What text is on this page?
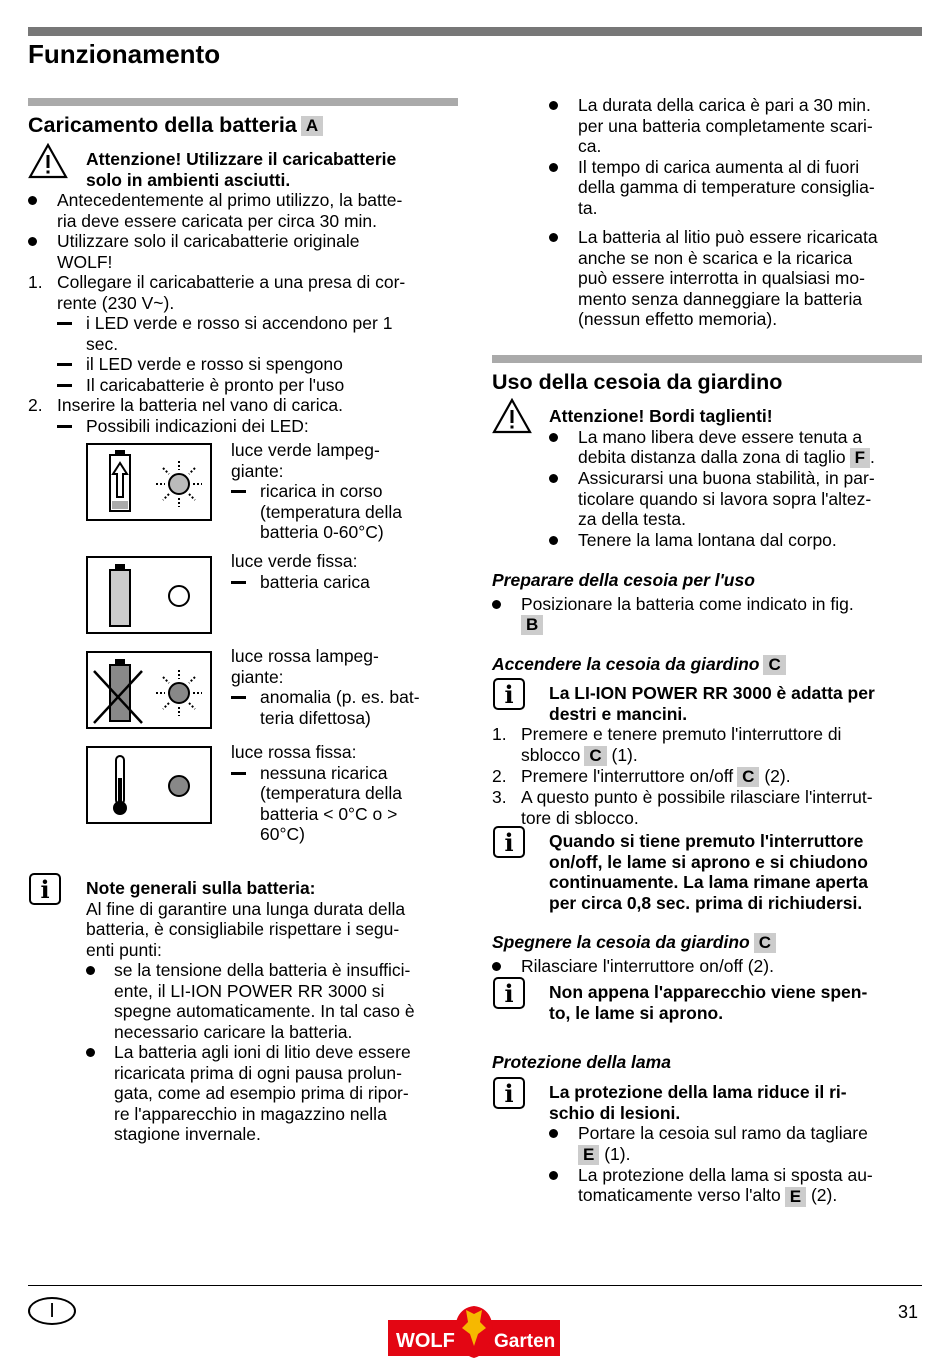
Funzionamento
Caricamento della batteria A
Attenzione! Utilizzare il caricabatterie
solo in ambienti asciutti.
Antecedentemente al primo utilizzo, la batte-
ria deve essere caricata per circa 30 min.
Utilizzare solo il caricabatterie originale
WOLF!
1. Collegare il caricabatterie a una presa di cor-
rente (230 V~).
i LED verde e rosso si accendono per 1
sec.
il LED verde e rosso si spengono
Il caricabatterie è pronto per l'uso
2. Inserire la batteria nel vano di carica.
Possibili indicazioni dei LED:
luce verde lampeg-
giante:
ricarica in corso
(temperatura della
batteria 0-60°C)
luce verde fissa:
batteria carica
luce rossa lampeg-
giante:
anomalia (p. es. bat-
teria difettosa)
luce rossa fissa:
nessuna ricarica
(temperatura della
batteria < 0°C o >
60°C)
i	Note generali sulla batteria:
Al fine di garantire una lunga durata della
batteria, è consigliabile rispettare i segu-
enti punti:
se la tensione della batteria è insuffici-
ente, il LI-ION POWER RR 3000 si
spegne automaticamente. In tal caso è
necessario caricare la batteria.
La batteria agli ioni di litio deve essere
ricaricata prima di ogni pausa prolun-
gata, come ad esempio prima di ripor-
re l'apparecchio in magazzino nella
stagione invernale.
La durata della carica è pari a 30 min.
per una batteria completamente scari-
ca.
Il tempo di carica aumenta al di fuori
della gamma di temperature consiglia-
ta.
La batteria al litio può essere ricaricata
anche se non è scarica e la ricarica
può essere interrotta in qualsiasi mo-
mento senza danneggiare la batteria
(nessun effetto memoria).
Uso della cesoia da giardino
Attenzione! Bordi taglienti!
La mano libera deve essere tenuta a
debita distanza dalla zona di taglio F .
Assicurarsi una buona stabilità, in par-
ticolare quando si lavora sopra l'altez-
za della testa.
Tenere la lama lontana dal corpo.
Preparare della cesoia per l'uso
Posizionare la batteria come indicato in fig.
B
Accendere la cesoia da giardino C
i	La LI-ION POWER RR 3000 è adatta per
destri e mancini.
1. Premere e tenere premuto l'interruttore di
sblocco C (1).
2. Premere l'interruttore on/off C (2).
3. A questo punto è possibile rilasciare l'interrut-
tore di sblocco.
i	Quando si tiene premuto l'interruttore
on/off, le lame si aprono e si chiudono
continuamente. La lama rimane aperta
per circa 0,8 sec. prima di richiudersi.
Spegnere la cesoia da giardino C
Rilasciare l'interruttore on/off (2).
i	Non appena l'apparecchio viene spen-
to, le lame si aprono.
Protezione della lama
i	La protezione della lama riduce il ri-
schio di lesioni.
Portare la cesoia sul ramo da tagliare
E (1).
La protezione della lama si sposta au-
tomaticamente verso l'alto E (2).
I	31
WOLF Garten
